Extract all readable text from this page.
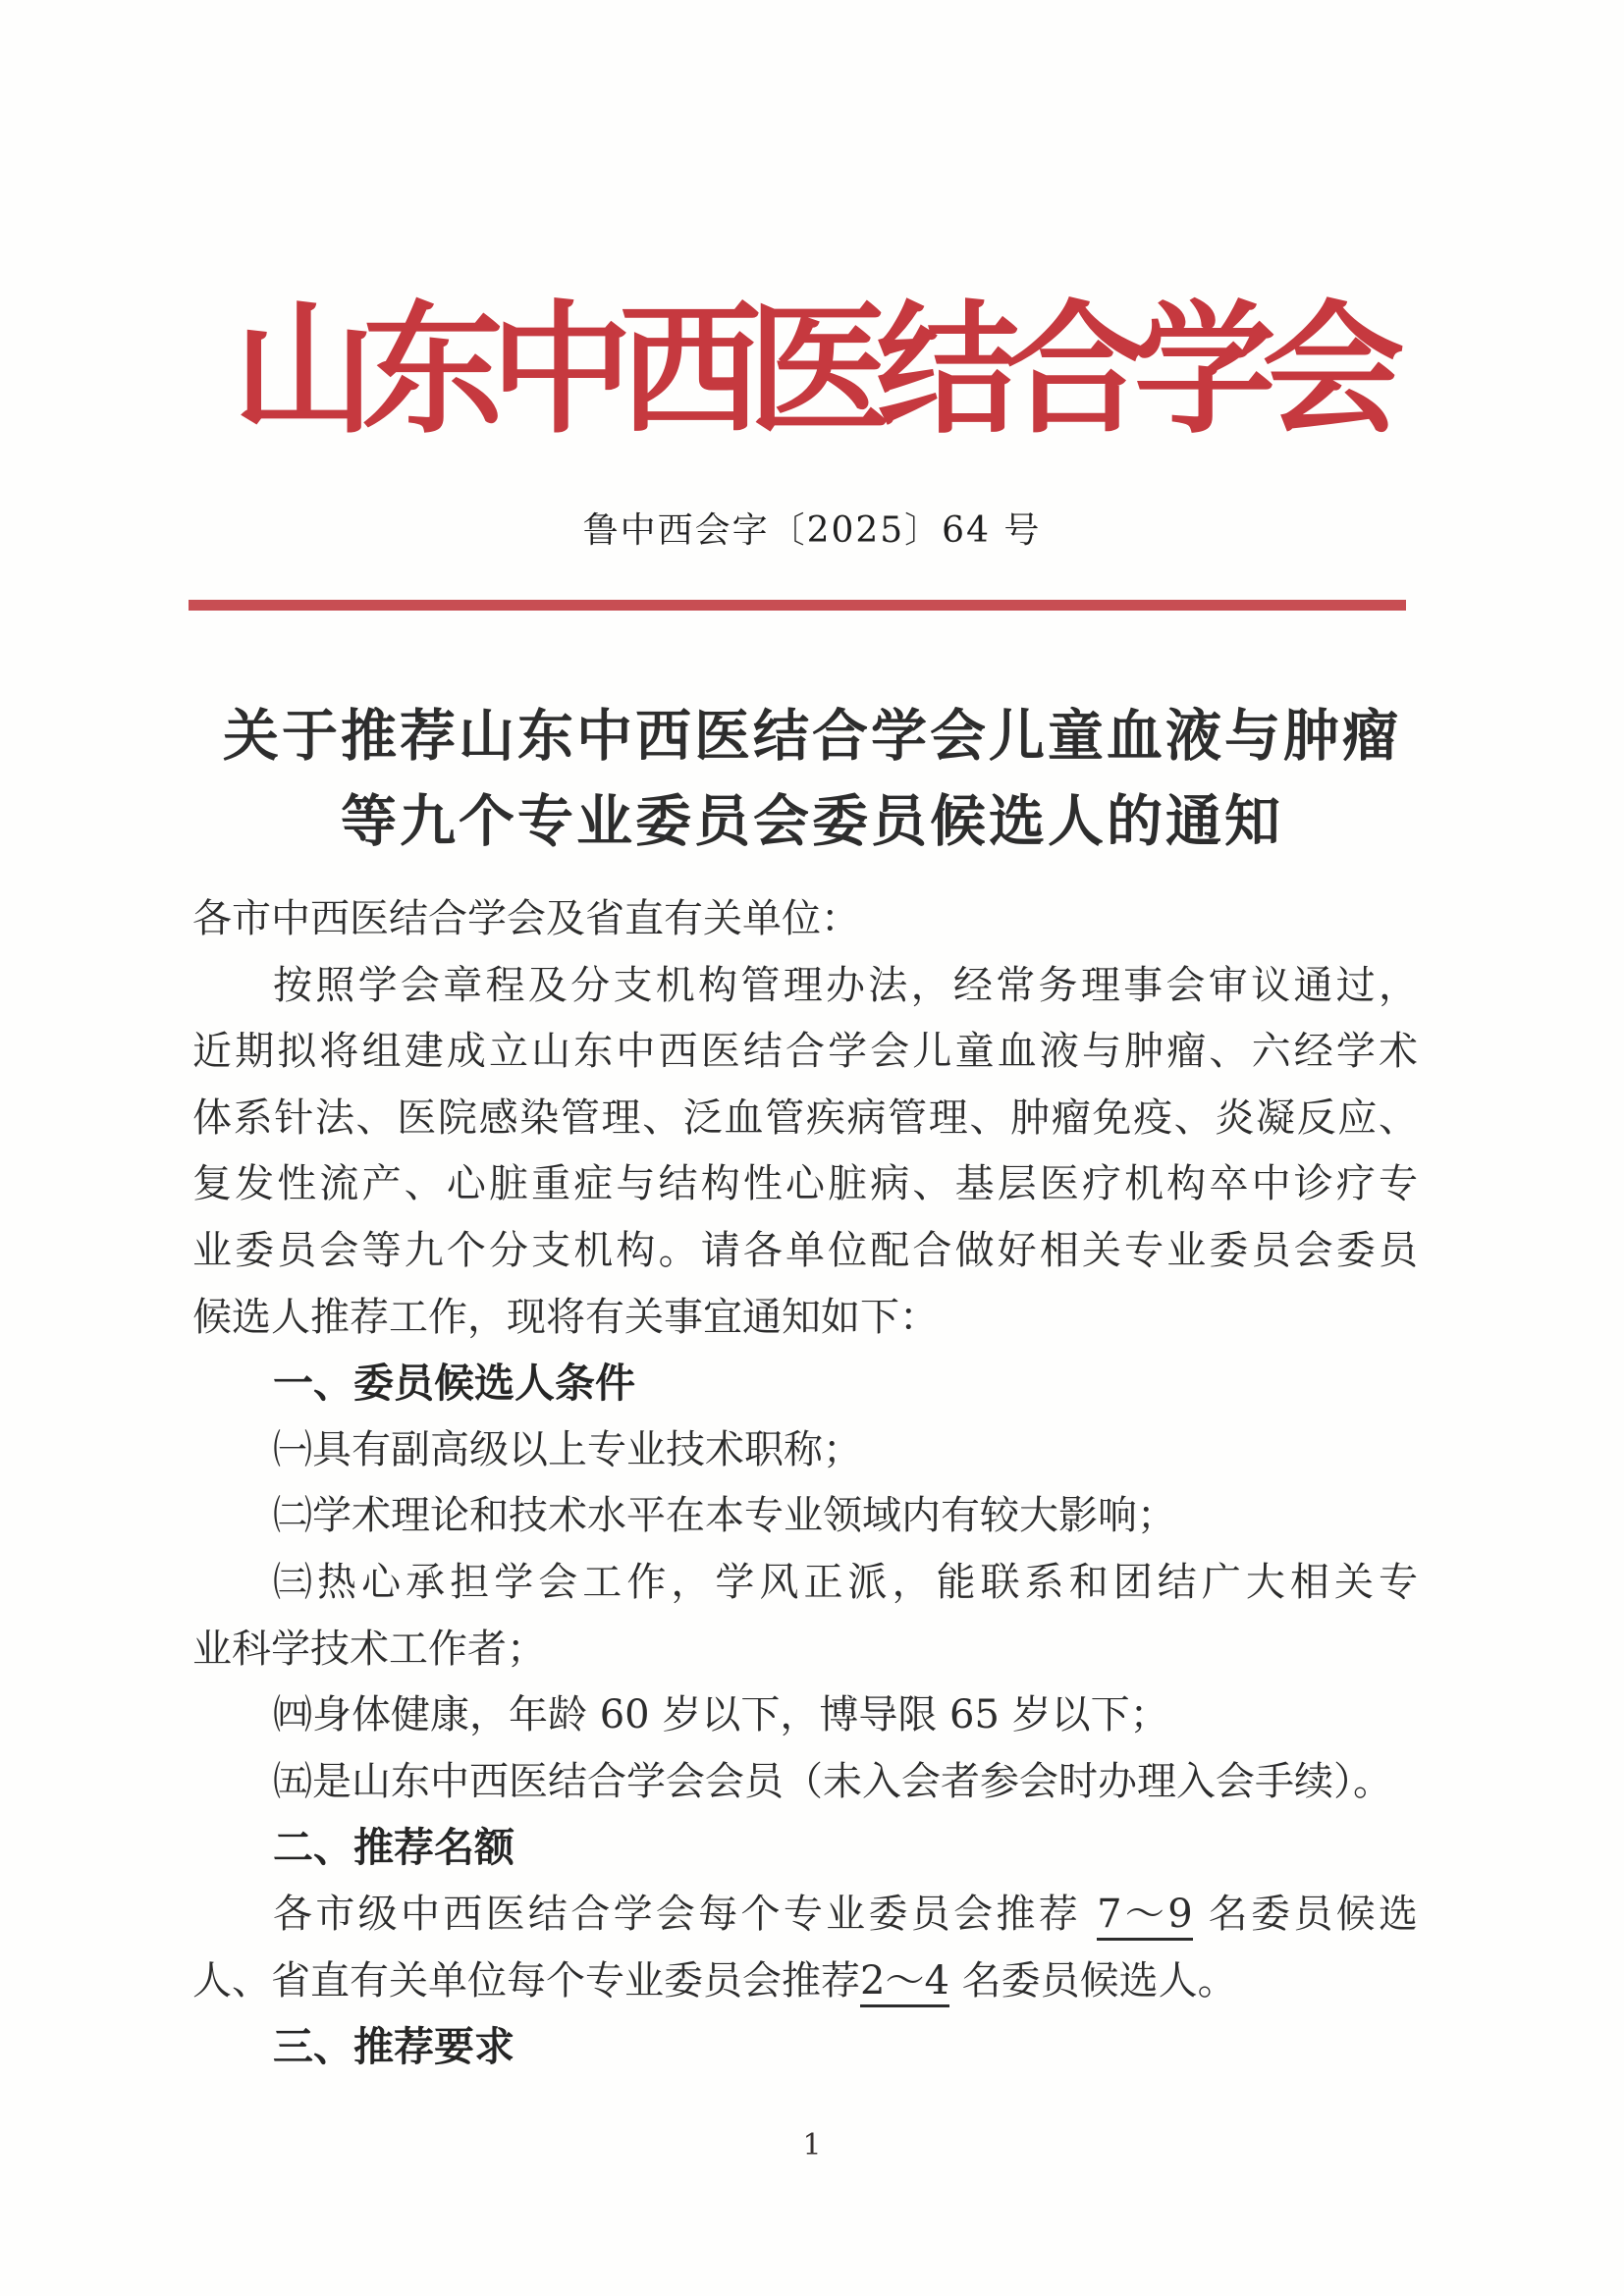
山东中西医结合学会
鲁中西会字〔2025〕64 号
关于推荐山东中西医结合学会儿童血液与肿瘤
等九个专业委员会委员候选人的通知
各市中西医结合学会及省直有关单位：
按照学会章程及分支机构管理办法，经常务理事会审议通过，
近期拟将组建成立山东中西医结合学会儿童血液与肿瘤、六经学术
体系针法、医院感染管理、泛血管疾病管理、肿瘤免疫、炎凝反应、
复发性流产、心脏重症与结构性心脏病、基层医疗机构卒中诊疗专
业委员会等九个分支机构。请各单位配合做好相关专业委员会委员
候选人推荐工作，现将有关事宜通知如下：
一、委员候选人条件
㈠具有副高级以上专业技术职称；
㈡学术理论和技术水平在本专业领域内有较大影响；
㈢热心承担学会工作，学风正派，能联系和团结广大相关专
业科学技术工作者；
㈣身体健康，年龄 60 岁以下，博导限 65 岁以下；
㈤是山东中西医结合学会会员（未入会者参会时办理入会手续）。
二、推荐名额
各市级中西医结合学会每个专业委员会推荐 7～9 名委员候选
人、省直有关单位每个专业委员会推荐2～4 名委员候选人。
三、推荐要求
1
